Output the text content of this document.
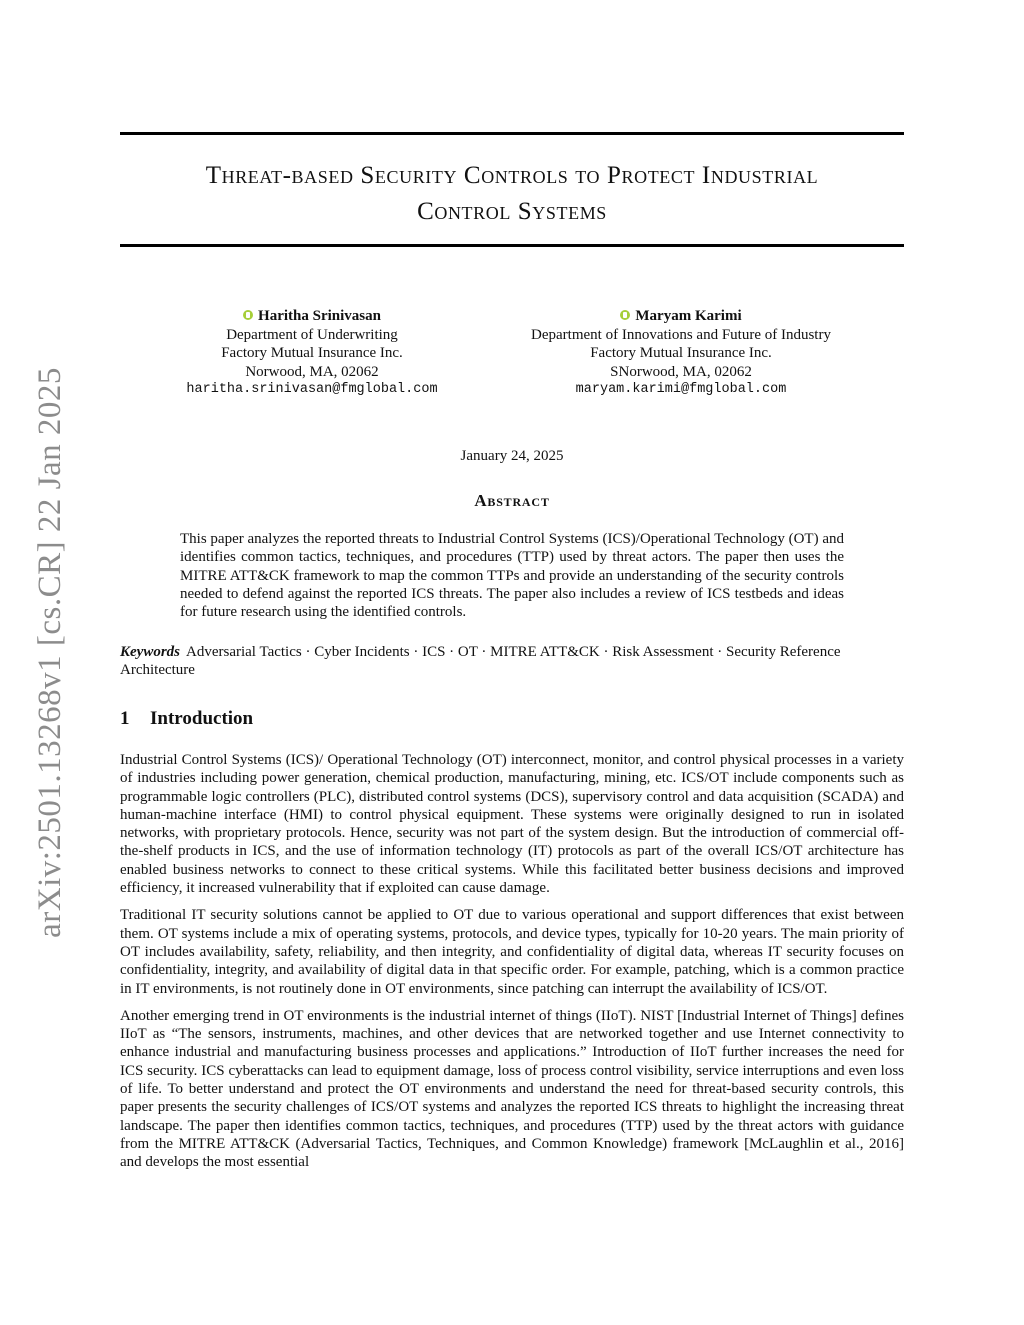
arXiv:2501.13268v1 [cs.CR] 22 Jan 2025
Threat-based Security Controls to Protect Industrial
Control Systems
Haritha Srinivasan
Department of Underwriting
Factory Mutual Insurance Inc.
Norwood, MA, 02062
haritha.srinivasan@fmglobal.com
Maryam Karimi
Department of Innovations and Future of Industry
Factory Mutual Insurance Inc.
SNorwood, MA, 02062
maryam.karimi@fmglobal.com
January 24, 2025
Abstract
This paper analyzes the reported threats to Industrial Control Systems (ICS)/Operational Technology (OT) and identifies common tactics, techniques, and procedures (TTP) used by threat actors. The paper then uses the MITRE ATT&CK framework to map the common TTPs and provide an understanding of the security controls needed to defend against the reported ICS threats. The paper also includes a review of ICS testbeds and ideas for future research using the identified controls.
Keywords Adversarial Tactics · Cyber Incidents · ICS · OT · MITRE ATT&CK · Risk Assessment · Security Reference Architecture
1 Introduction

Industrial Control Systems (ICS)/ Operational Technology (OT) interconnect, monitor, and control physical processes in a variety of industries including power generation, chemical production, manufacturing, mining, etc. ICS/OT include components such as programmable logic controllers (PLC), distributed control systems (DCS), supervisory control and data acquisition (SCADA) and human-machine interface (HMI) to control physical equipment. These systems were originally designed to run in isolated networks, with proprietary protocols. Hence, security was not part of the system design. But the introduction of commercial off-the-shelf products in ICS, and the use of information technology (IT) protocols as part of the overall ICS/OT architecture has enabled business networks to connect to these critical systems. While this facilitated better business decisions and improved efficiency, it increased vulnerability that if exploited can cause damage.

Traditional IT security solutions cannot be applied to OT due to various operational and support differences that exist between them. OT systems include a mix of operating systems, protocols, and device types, typically for 10-20 years. The main priority of OT includes availability, safety, reliability, and then integrity, and confidentiality of digital data, whereas IT security focuses on confidentiality, integrity, and availability of digital data in that specific order. For example, patching, which is a common practice in IT environments, is not routinely done in OT environments, since patching can interrupt the availability of ICS/OT.

Another emerging trend in OT environments is the industrial internet of things (IIoT). NIST [Industrial Internet of Things] defines IIoT as “The sensors, instruments, machines, and other devices that are networked together and use Internet connectivity to enhance industrial and manufacturing business processes and applications.” Introduction of IIoT further increases the need for ICS security. ICS cyberattacks can lead to equipment damage, loss of process control visibility, service interruptions and even loss of life. To better understand and protect the OT environments and understand the need for threat-based security controls, this paper presents the security challenges of ICS/OT systems and analyzes the reported ICS threats to highlight the increasing threat landscape. The paper then identifies common tactics, techniques, and procedures (TTP) used by the threat actors with guidance from the MITRE ATT&CK (Adversarial Tactics, Techniques, and Common Knowledge) framework [McLaughlin et al., 2016] and develops the most essential
